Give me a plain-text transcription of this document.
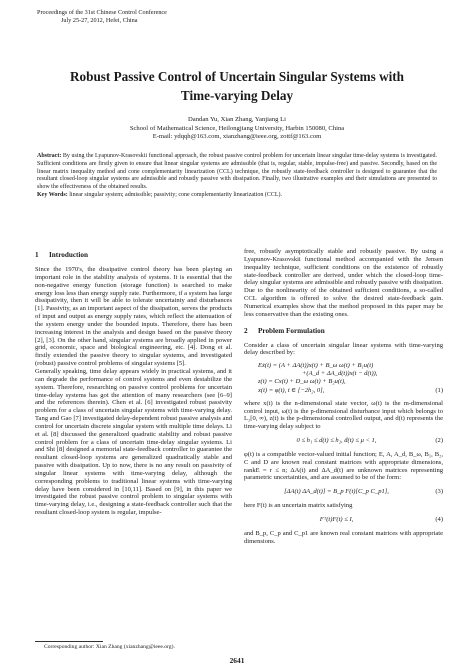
Proceedings of the 31st Chinese Control Conference
July 25-27, 2012, Hefei, China
Robust Passive Control of Uncertain Singular Systems with
Time-varying Delay
Dandan Yu, Xian Zhang, Yanjiang Li
School of Mathematical Science, Heilongjiang University, Harbin 150080, China
E-mail: ydqqh@163.com, xianzhang@ieee.org, zottf@163.com

Abstract: By using the Lyapunov-Krasovskii functional approach, the robust passive control problem for uncertain linear singular time-delay systems is investigated. Sufficient conditions are firstly given to ensure that linear singular systems are admissible (that is, regular, stable, impulse-free) and passive. Secondly, based on the linear matrix inequality method and cone complementarity linearization (CCL) technique, the robustly state-feedback controller is designed to guarantee that the resultant closed-loop singular systems are admissible and robustly passive with dissipation. Finally, two illustrative examples and their simulations are presented to show the effectiveness of the obtained results.

Key Words: linear singular system; admissible; passivity; cone complementarity linearization (CCL).

1 Introduction

Since the 1970's, the dissipative control theory has been playing an important role in the stability analysis of systems. It is essential that the non-negative energy function (storage function) is searched to make energy loss less than energy supply rate. Furthermore, if a system has large dissipativity, then it will be able to tolerate uncertainty and disturbances [1]. Passivity, as an important aspect of the dissipation, serves the products of input and output as energy supply rates, which reflect the attenuation of the system energy under the bounded inputs. Therefore, there has been increasing interest in the analysis and design based on the passive theory [2], [3]. On the other hand, singular systems are broadly applied in power grid, economic, space and biological engineering, etc. [4]. Dong et al. firstly extended the passive theory to singular systems, and investigated (robust) passive control problems of singular systems [5].

Generally speaking, time delay appears widely in practical systems, and it can degrade the performance of control systems and even destabilize the system. Therefore, researching on passive control problems for uncertain time-delay systems has got the attention of many researchers (see [6–9] and the references therein). Chen et al. [6] investigated robust passivity problem for a class of uncertain singular systems with time-varying delay. Tang and Gao [7] investigated delay-dependent robust passive analysis and control for uncertain discrete singular system with multiple time delays. Li et al. [8] discussed the generalized quadratic stability and robust passive control problem for a class of uncertain time-delay singular systems. Li and Shi [8] designed a memorial state-feedback controller to guarantee the resultant closed-loop systems are generalized quadratically stable and passive with dissipation. Up to now, there is no any result on passivity of singular linear systems with time-varying delay, although the corresponding problems to traditional linear systems with time-varying delay have been considered in [10,11]. Based on [9], in this paper we investigated the robust passive control problem to singular systems with time-varying delay, i.e., designing a state-feedback controller such that the resultant closed-loop system is regular, impulse-

free, robustly asymptotically stable and robustly passive. By using a Lyapunov-Krasovskii functional method accompanied with the Jensen inequality technique, sufficient conditions on the existence of robustly state-feedback controller are derived, under which the closed-loop time-delay singular systems are admissible and robustly passive with dissipation. Due to the nonlinearity of the obtained sufficient conditions, a so-called CCL algorithm is offered to solve the desired state-feedback gain. Numerical examples show that the method proposed in this paper may be less conservative than the existing ones.

2 Problem Formulation

Consider a class of uncertain singular linear systems with time-varying delay described by:

Eẋ(t) = (A + ΔA(t))x(t) + B_ω ω(t) + B₁u(t)
+(A_d + ΔA_d(t))x(t − d(t)),
z(t) = Cx(t) + D_ω ω(t) + B₂u(t),
x(t) = φ(t), t ∈ [−2h₂, 0],	(1)

where x(t) is the n-dimensional state vector, ω(t) is the m-dimensional control input, ω(t) is the p-dimensional disturbance input which belongs to L₂[0, ∞), z(t) is the p-dimensional controlled output, and d(t) represents the time-varying delay subject to

0 ≤ h₁ ≤ d(t) ≤ h₂, ḋ(t) ≤ μ < 1,	(2)

φ(t) is a compatible vector-valued initial function; E, A, A_d, B_ω, B₁, B₂, C and D are known real constant matrices with appropriate dimensions, rankE = r ≤ n; ΔA(t) and ΔA_d(t) are unknown matrices representing parametric uncertainties, and are assumed to be of the form:

[ΔA(t) ΔA_d(t)] = B_p F(t)[C_p C_p1],	(3)

here F(t) is an uncertain matrix satisfying

Fᵀ(t)F(t) ≤ I,	(4)

and B_p, C_p and C_p1 are known real constant matrices with appropriate dimensions.

Corresponding author: Xian Zhang (xianzhang@ieee.org).
2641
